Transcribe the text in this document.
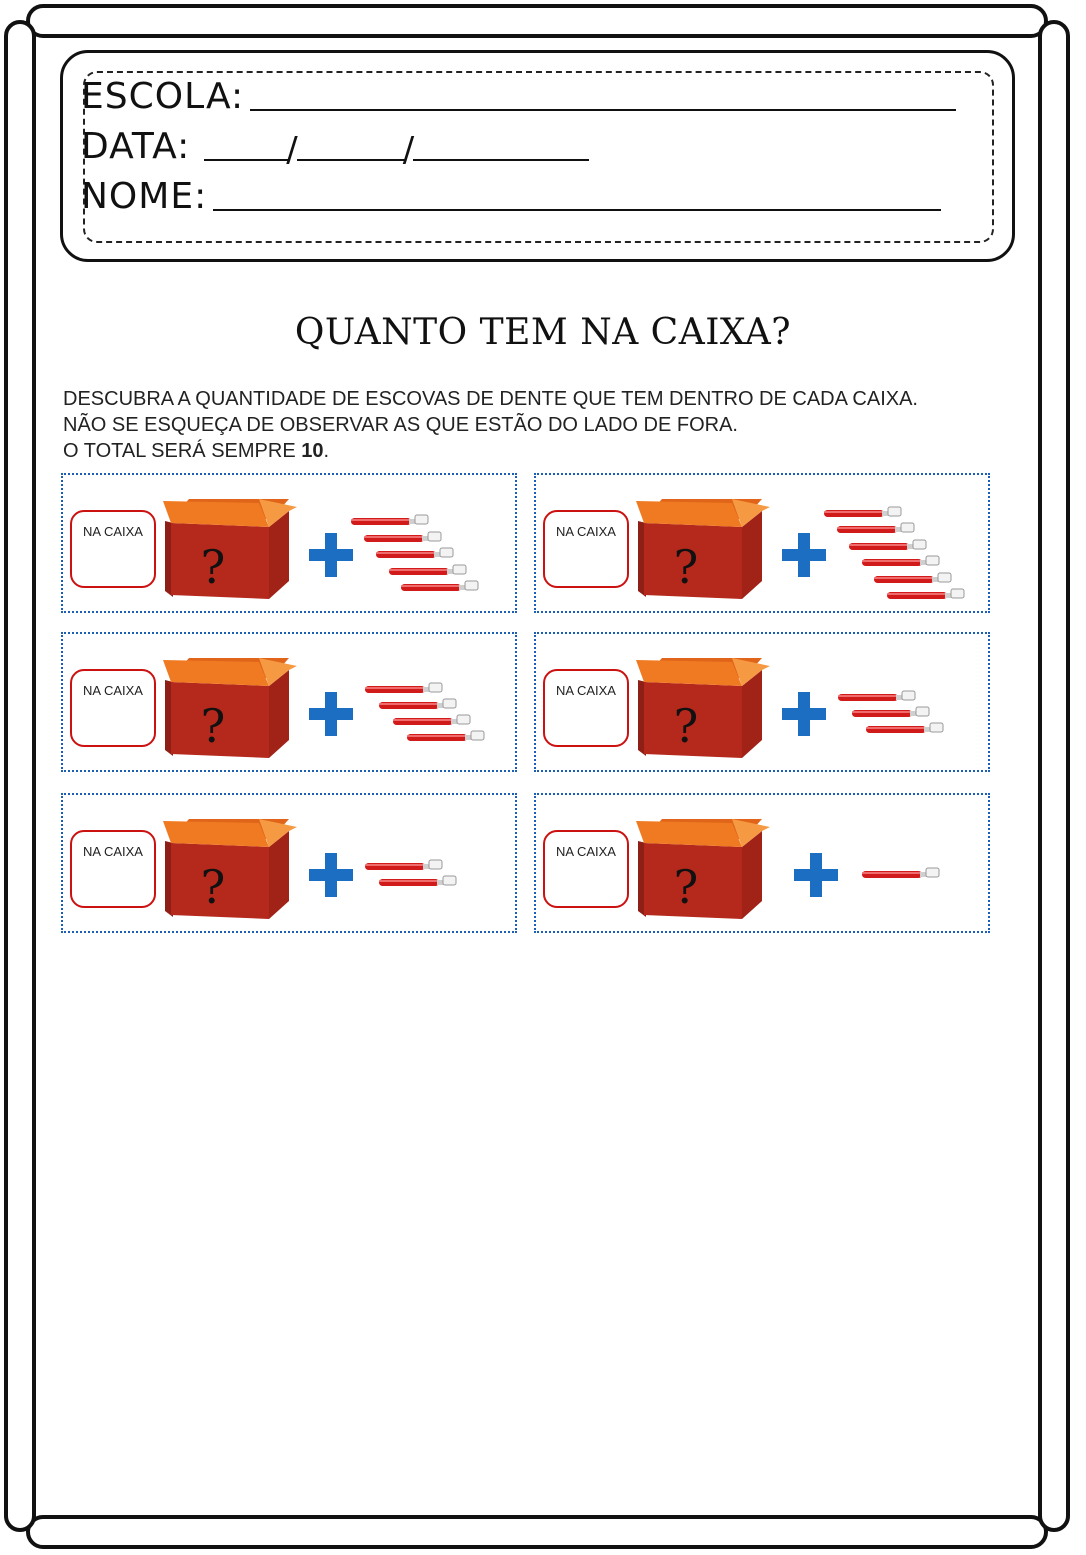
ESCOLA:
DATA:	/	/
NOME:
QUANTO TEM NA CAIXA?

DESCUBRA A QUANTIDADE DE ESCOVAS DE DENTE QUE TEM DENTRO DE CADA CAIXA.

NÃO SE ESQUEÇA DE OBSERVAR AS QUE ESTÃO DO LADO DE FORA.

O TOTAL SERÁ SEMPRE 10.

NA CAIXA
?
NA CAIXA
?
NA CAIXA
?
NA CAIXA
?
NA CAIXA
?
NA CAIXA
?
